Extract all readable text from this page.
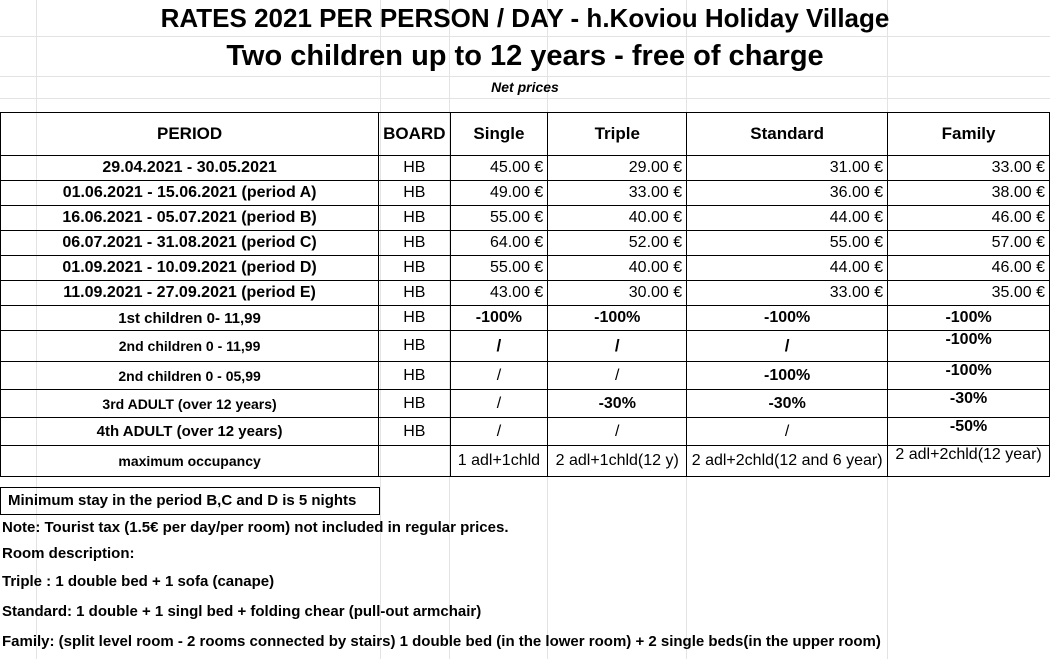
RATES 2021 PER PERSON / DAY - h.Koviou Holiday Village
Two children up to 12 years - free of charge
Net prices
PERIOD	BOARD	Single	Triple	Standard	Family
29.04.2021 - 30.05.2021	HB	45.00 €	29.00 €	31.00 €	33.00 €
01.06.2021 - 15.06.2021 (period A)	HB	49.00 €	33.00 €	36.00 €	38.00 €
16.06.2021 - 05.07.2021 (period B)	HB	55.00 €	40.00 €	44.00 €	46.00 €
06.07.2021 - 31.08.2021 (period C)	HB	64.00 €	52.00 €	55.00 €	57.00 €
01.09.2021 - 10.09.2021 (period D)	HB	55.00 €	40.00 €	44.00 €	46.00 €
11.09.2021 - 27.09.2021 (period E)	HB	43.00 €	30.00 €	33.00 €	35.00 €
1st children 0- 11,99	HB	-100%	-100%	-100%	-100%
2nd children 0 - 11,99	HB	/	/	/	-100%
2nd children 0 - 05,99	HB	/	/	-100%	-100%
3rd ADULT (over 12 years)	HB	/	-30%	-30%	-30%
4th ADULT (over 12 years)	HB	/	/	/	-50%
maximum occupancy		1 adl+1chld	2 adl+1chld(12 y)	2 adl+2chld(12 and 6 year)	2 adl+2chld(12 year)
Minimum stay in the period B,C and D is 5 nights
Note: Tourist tax (1.5€ per day/per room) not included in regular prices.
Room description:
Triple : 1 double bed + 1 sofa (canape)
Standard: 1 double + 1 singl bed + folding chear (pull-out armchair)
Family: (split level room - 2 rooms connected by stairs) 1 double bed (in the lower room) + 2 single beds(in the upper room)
